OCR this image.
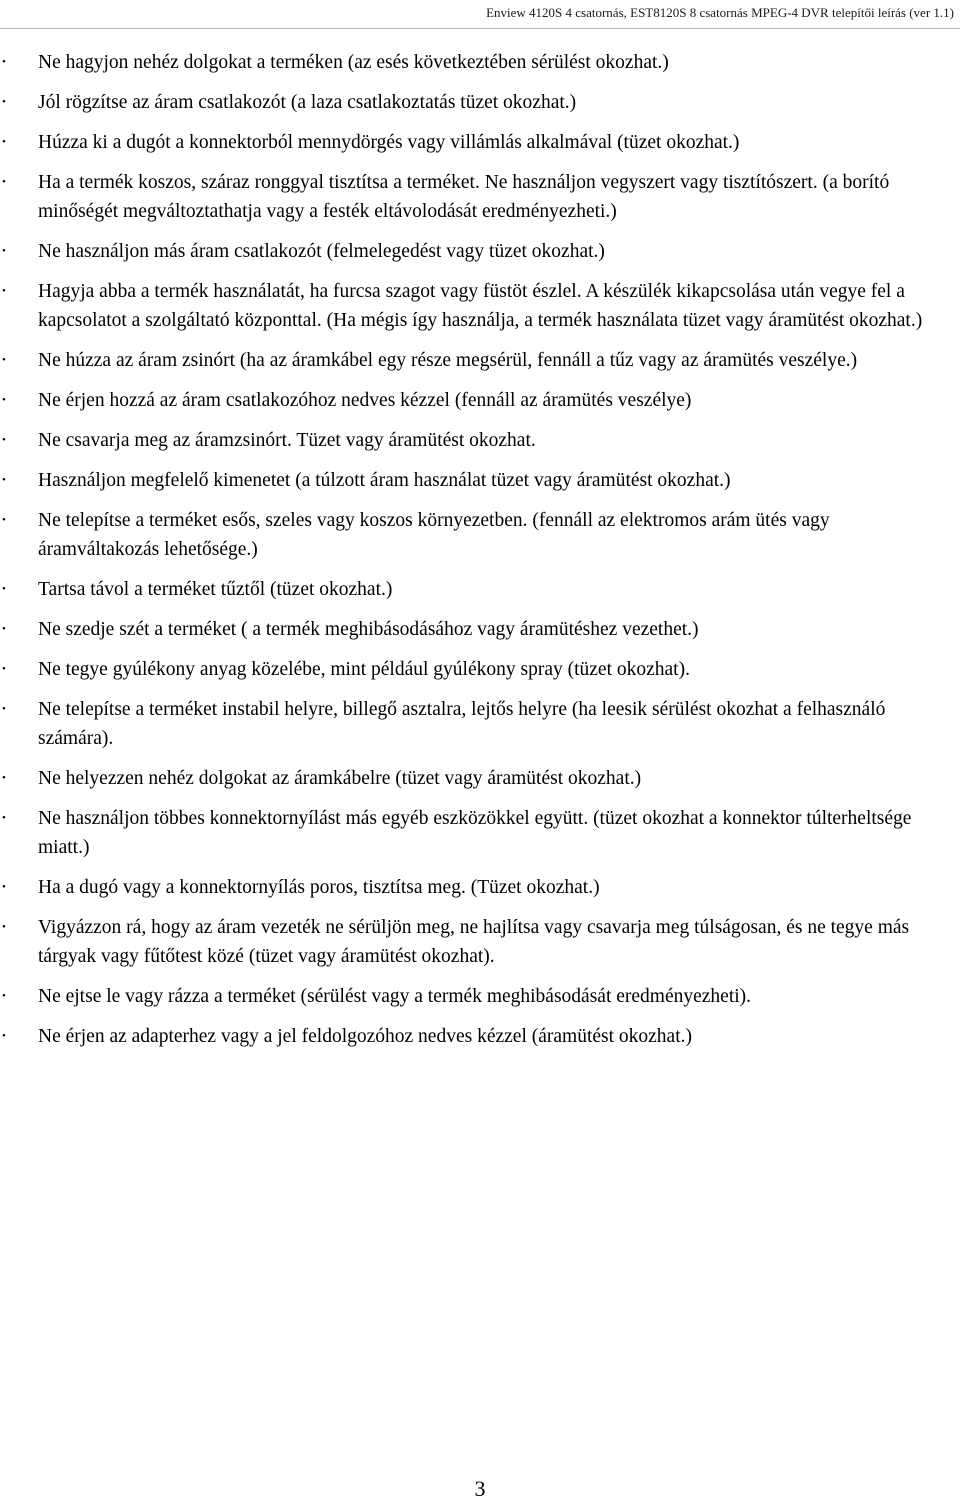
Enview 4120S 4 csatornás, EST8120S 8 csatornás MPEG-4 DVR telepítői leírás (ver 1.1)
• Ne hagyjon nehéz dolgokat a terméken (az esés következtében sérülést okozhat.)
• Jól rögzítse az áram csatlakozót (a laza csatlakoztatás tüzet okozhat.)
• Húzza ki a dugót a konnektorból mennydörgés vagy villámlás alkalmával (tüzet okozhat.)
• Ha a termék koszos, száraz ronggyal tisztítsa a terméket. Ne használjon vegyszert vagy tisztítószert. (a borító minőségét megváltoztathatja vagy a festék eltávolodását eredményezheti.)
• Ne használjon más áram csatlakozót (felmelegedést vagy tüzet okozhat.)
• Hagyja abba a termék használatát, ha furcsa szagot vagy füstöt észlel. A készülék kikapcsolása után vegye fel a kapcsolatot a szolgáltató központtal. (Ha mégis így használja, a termék használata tüzet vagy áramütést okozhat.)
• Ne húzza az áram zsinórt (ha az áramkábel egy része megsérül, fennáll a tűz vagy az áramütés veszélye.)
• Ne érjen hozzá az áram csatlakozóhoz nedves kézzel (fennáll az áramütés veszélye)
• Ne csavarja meg az áramzsinórt. Tüzet vagy áramütést okozhat.
• Használjon megfelelő kimenetet (a túlzott áram használat tüzet vagy áramütést okozhat.)
• Ne telepítse a terméket esős, szeles vagy koszos környezetben. (fennáll az elektromos arám ütés vagy áramváltakozás lehetősége.)
• Tartsa távol a terméket tűztől (tüzet okozhat.)
• Ne szedje szét a terméket ( a termék meghibásodásához vagy áramütéshez vezethet.)
• Ne tegye gyúlékony anyag közelébe, mint például gyúlékony spray (tüzet okozhat).
• Ne telepítse a terméket instabil helyre, billegő asztalra, lejtős helyre (ha leesik sérülést okozhat a felhasználó számára).
• Ne helyezzen nehéz dolgokat az áramkábelre (tüzet vagy áramütést okozhat.)
• Ne használjon többes konnektornyílást más egyéb eszközökkel együtt. (tüzet okozhat a konnektor túlterheltsége miatt.)
• Ha a dugó vagy a konnektornyílás poros, tisztítsa meg. (Tüzet okozhat.)
• Vigyázzon rá, hogy az áram vezeték ne sérüljön meg, ne hajlítsa vagy csavarja meg túlságosan, és ne tegye más tárgyak vagy fűtőtest közé (tüzet vagy áramütést okozhat).
• Ne ejtse le vagy rázza a terméket (sérülést vagy a termék meghibásodását eredményezheti).
• Ne érjen az adapterhez vagy a jel feldolgozóhoz nedves kézzel (áramütést okozhat.)
3
